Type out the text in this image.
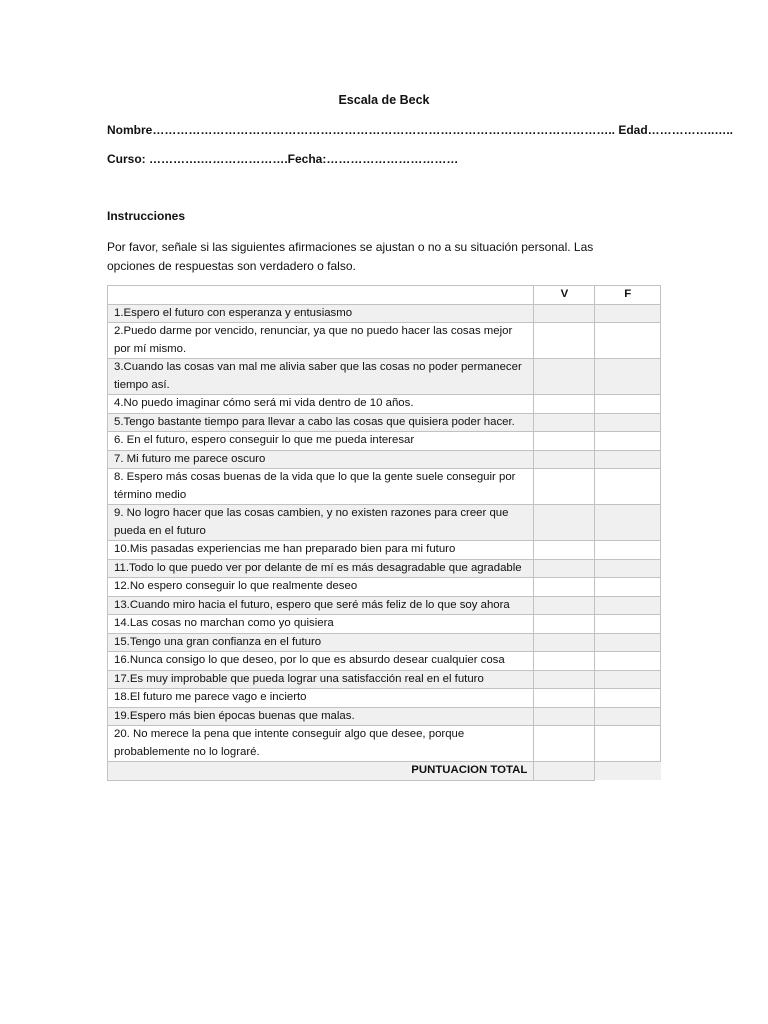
Escala de Beck
Nombre…………………………………………………………………………………………………….. Edad……………..…..
Curso: ………….………………….Fecha:……………………………
Instrucciones
Por favor, señale si las siguientes afirmaciones se ajustan o no a su situación personal. Las opciones de respuestas son verdadero o falso.
	V	F
1.Espero el futuro con esperanza y entusiasmo		
2.Puedo darme por vencido, renunciar, ya que no puedo hacer las cosas mejor por mí mismo.		
3.Cuando las cosas van mal me alivia saber que las cosas no poder permanecer tiempo así.		
4.No puedo imaginar cómo será mi vida dentro de 10 años.		
5.Tengo bastante tiempo para llevar a cabo las cosas que quisiera poder hacer.		
6. En el futuro, espero conseguir lo que me pueda interesar		
7. Mi futuro me parece oscuro		
8. Espero más cosas buenas de la vida que lo que la gente suele conseguir por término medio		
9. No logro hacer que las cosas cambien, y no existen razones para creer que pueda en el futuro		
10.Mis pasadas experiencias me han preparado bien para mi futuro		
11.Todo lo que puedo ver por delante de mí es más desagradable que agradable		
12.No espero conseguir lo que realmente deseo		
13.Cuando miro hacia el futuro, espero que seré más feliz de lo que soy ahora		
14.Las cosas no marchan como yo quisiera		
15.Tengo una gran confianza en el futuro		
16.Nunca consigo lo que deseo, por lo que es absurdo desear cualquier cosa		
17.Es muy improbable que pueda lograr una satisfacción real en el futuro		
18.El futuro me parece vago e incierto		
19.Espero más bien épocas buenas que malas.		
20. No merece la pena que intente conseguir algo que desee, porque probablemente no lo lograré.		
PUNTUACION TOTAL		
